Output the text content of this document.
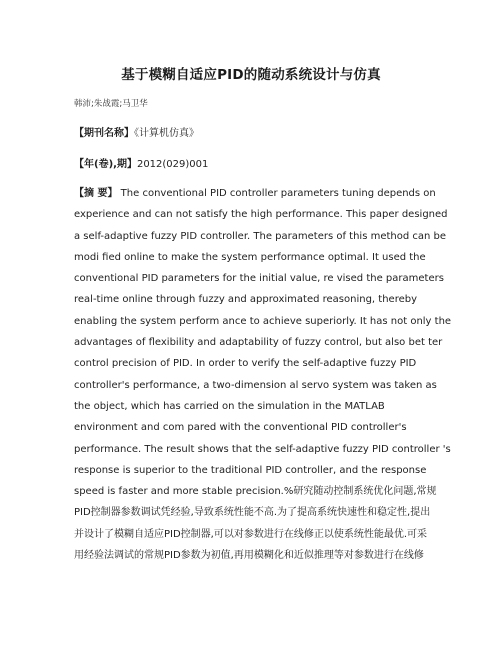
基于模糊自适应PID的随动系统设计与仿真
韩沛;朱战霞;马卫华
【期刊名称】《计算机仿真》
【年(卷),期】2012(029)001
【摘 要】 The conventional PID controller parameters tuning depends on
experience and can not satisfy the high performance. This paper designed
a self-adaptive fuzzy PID controller. The parameters of this method can be
modi fied online to make the system performance optimal. It used the
conventional PID parameters for the initial value, re vised the parameters
real-time online through fuzzy and approximated reasoning, thereby
enabling the system perform ance to achieve superiorly. It has not only the
advantages of flexibility and adaptability of fuzzy control, but also bet ter
control precision of PID. In order to verify the self-adaptive fuzzy PID
controller's performance, a two-dimension al servo system was taken as
the object, which has carried on the simulation in the MATLAB
environment and com pared with the conventional PID controller's
performance. The result shows that the self-adaptive fuzzy PID controller 's
response is superior to the traditional PID controller, and the response
speed is faster and more stable precision.%研究随动控制系统优化问题,常规
PID控制器参数调试凭经验,导致系统性能不高.为了提高系统快速性和稳定性,提出
并设计了模糊自适应PID控制器,可以对参数进行在线修正以使系统性能最优.可采
用经验法调试的常规PID参数为初值,再用模糊化和近似推理等对参数进行在线修
